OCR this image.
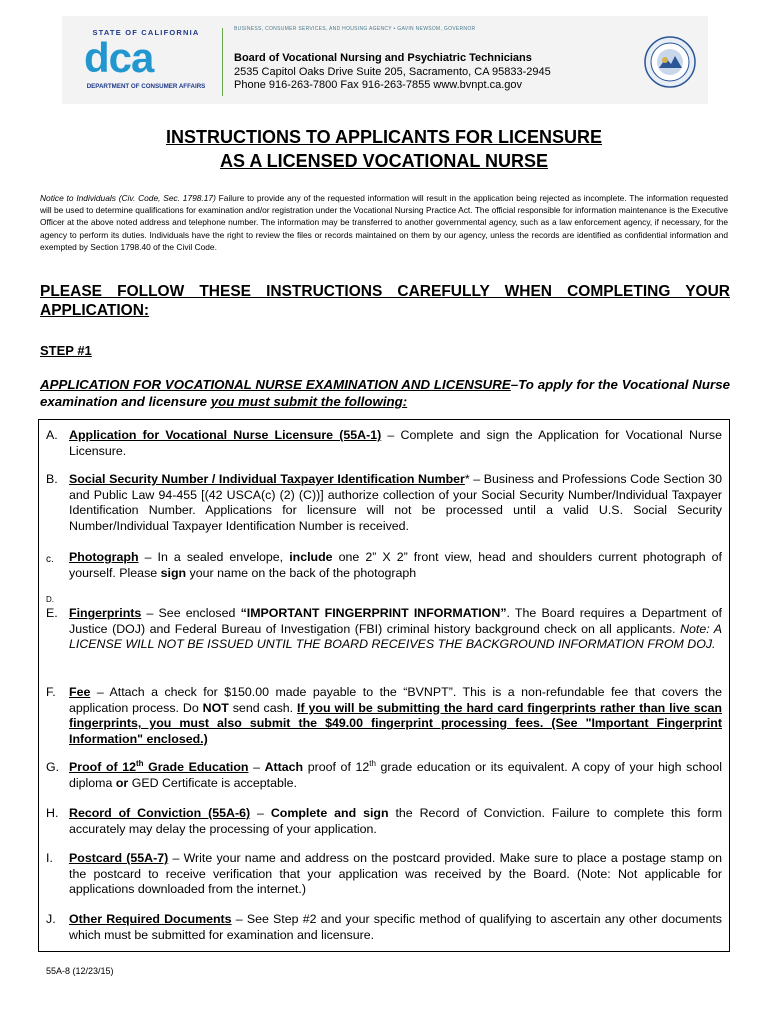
STATE OF CALIFORNIA
dca
DEPARTMENT OF CONSUMER AFFAIRS
BUSINESS, CONSUMER SERVICES, AND HOUSING AGENCY • GAVIN NEWSOM, GOVERNOR
Board of Vocational Nursing and Psychiatric Technicians
2535 Capitol Oaks Drive Suite 205, Sacramento, CA 95833-2945
Phone 916-263-7800 Fax 916-263-7855 www.bvnpt.ca.gov
INSTRUCTIONS TO APPLICANTS FOR LICENSURE
AS A LICENSED VOCATIONAL NURSE
Notice to Individuals (Civ. Code, Sec. 1798.17) Failure to provide any of the requested information will result in the application being rejected as incomplete. The information requested will be used to determine qualifications for examination and/or registration under the Vocational Nursing Practice Act. The official responsible for information maintenance is the Executive Officer at the above noted address and telephone number. The information may be transferred to another governmental agency, such as a law enforcement agency, if necessary, for the agency to perform its duties. Individuals have the right to review the files or records maintained on them by our agency, unless the records are identified as confidential information and exempted by Section 1798.40 of the Civil Code.
PLEASE FOLLOW THESE INSTRUCTIONS CAREFULLY WHEN COMPLETING YOUR APPLICATION:
STEP #1
APPLICATION FOR VOCATIONAL NURSE EXAMINATION AND LICENSURE–To apply for the Vocational Nurse examination and licensure you must submit the following:
A. Application for Vocational Nurse Licensure (55A-1) – Complete and sign the Application for Vocational Nurse Licensure.
B. Social Security Number / Individual Taxpayer Identification Number* – Business and Professions Code Section 30 and Public Law 94-455 [(42 USCA(c) (2) (C))] authorize collection of your Social Security Number/Individual Taxpayer Identification Number. Applications for licensure will not be processed until a valid U.S. Social Security Number/Individual Taxpayer Identification Number is received.
c.	Photograph – In a sealed envelope, include one 2” X 2” front view, head and shoulders current photograph of yourself. Please sign your name on the back of the photograph
D.
E. Fingerprints – See enclosed “IMPORTANT FINGERPRINT INFORMATION”. The Board requires a Department of Justice (DOJ) and Federal Bureau of Investigation (FBI) criminal history background check on all applicants. Note: A LICENSE WILL NOT BE ISSUED UNTIL THE BOARD RECEIVES THE BACKGROUND INFORMATION FROM DOJ.
F.	Fee – Attach a check for $150.00 made payable to the “BVNPT”. This is a non-refundable fee that covers the application process. Do NOT send cash. If you will be submitting the hard card fingerprints rather than live scan fingerprints, you must also submit the $49.00 fingerprint processing fees. (See "Important Fingerprint Information" enclosed.)
G. Proof of 12th Grade Education – Attach proof of 12th grade education or its equivalent. A copy of your high school diploma or GED Certificate is acceptable.
H. Record of Conviction (55A-6) – Complete and sign the Record of Conviction. Failure to complete this form accurately may delay the processing of your application.
I.	Postcard (55A-7) – Write your name and address on the postcard provided. Make sure to place a postage stamp on the postcard to receive verification that your application was received by the Board. (Note: Not applicable for applications downloaded from the internet.)
J.	Other Required Documents – See Step #2 and your specific method of qualifying to ascertain any other documents which must be submitted for examination and licensure.
55A-8 (12/23/15)
